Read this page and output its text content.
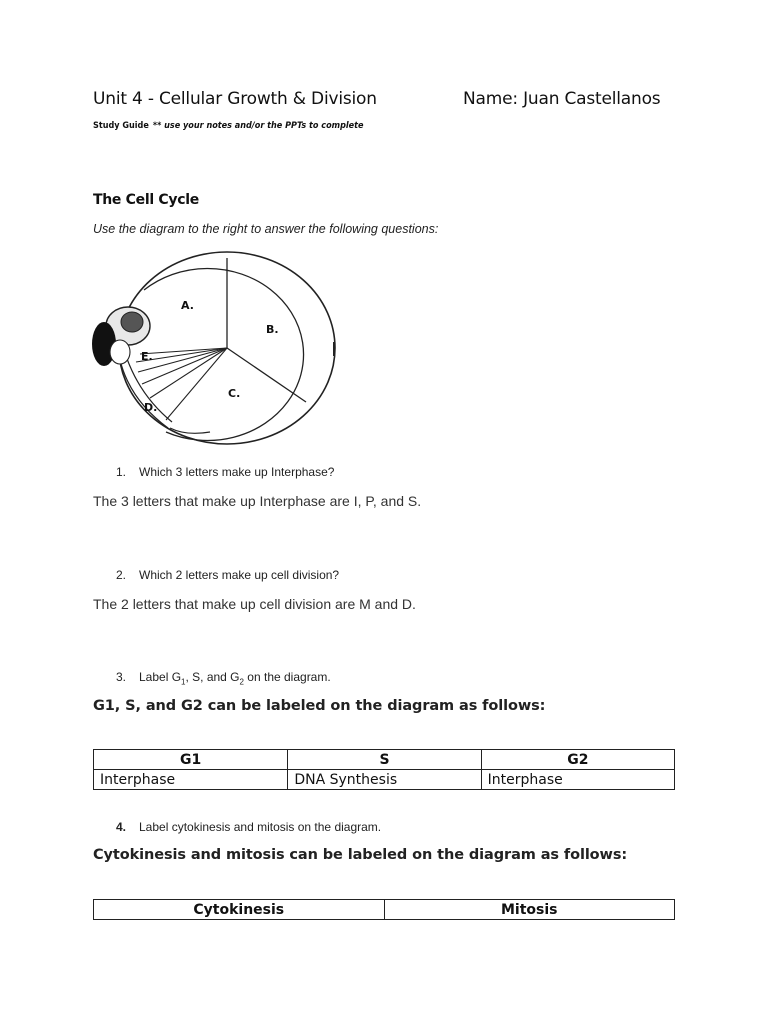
Unit 4 - Cellular Growth & Division	Name: Juan Castellanos
Study Guide ** use your notes and/or the PPTs to complete
The Cell Cycle
Use the diagram to the right to answer the following questions:
A.
B.
C.
D.
E.
1. Which 3 letters make up Interphase?
The 3 letters that make up Interphase are I, P, and S.
2. Which 2 letters make up cell division?
The 2 letters that make up cell division are M and D.
3. Label $G_1$, S, and $G_2$ on the diagram.
G1, S, and G2 can be labeled on the diagram as follows:
G1	S	G2
Interphase	DNA Synthesis	Interphase
4. Label cytokinesis and mitosis on the diagram.
Cytokinesis and mitosis can be labeled on the diagram as follows:
Cytokinesis	Mitosis
